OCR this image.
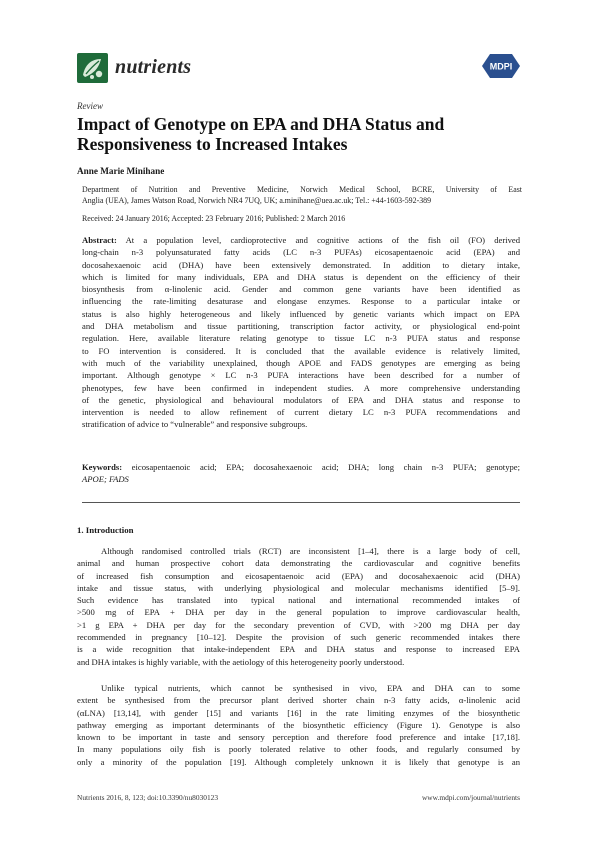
nutrients	MDPI
Review
Impact of Genotype on EPA and DHA Status and Responsiveness to Increased Intakes
Anne Marie Minihane
Department of Nutrition and Preventive Medicine, Norwich Medical School, BCRE, University of East
Anglia (UEA), James Watson Road, Norwich NR4 7UQ, UK; a.minihane@uea.ac.uk; Tel.: +44-1603-592-389
Received: 24 January 2016; Accepted: 23 February 2016; Published: 2 March 2016
Abstract: At a population level, cardioprotective and cognitive actions of the fish oil (FO) derived
long-chain n-3 polyunsaturated fatty acids (LC n-3 PUFAs) eicosapentaenoic acid (EPA) and
docosahexaenoic acid (DHA) have been extensively demonstrated. In addition to dietary intake,
which is limited for many individuals, EPA and DHA status is dependent on the efficiency of their
biosynthesis from α-linolenic acid. Gender and common gene variants have been identified as
influencing the rate-limiting desaturase and elongase enzymes. Response to a particular intake or
status is also highly heterogeneous and likely influenced by genetic variants which impact on EPA
and DHA metabolism and tissue partitioning, transcription factor activity, or physiological end-point
regulation. Here, available literature relating genotype to tissue LC n-3 PUFA status and response
to FO intervention is considered. It is concluded that the available evidence is relatively limited,
with much of the variability unexplained, though APOE and FADS genotypes are emerging as being
important. Although genotype × LC n-3 PUFA interactions have been described for a number of
phenotypes, few have been confirmed in independent studies. A more comprehensive understanding
of the genetic, physiological and behavioural modulators of EPA and DHA status and response to
intervention is needed to allow refinement of current dietary LC n-3 PUFA recommendations and
stratification of advice to “vulnerable” and responsive subgroups.
Keywords: eicosapentaenoic acid; EPA; docosahexaenoic acid; DHA; long chain n-3 PUFA; genotype;
APOE; FADS
1. Introduction
Although randomised controlled trials (RCT) are inconsistent [1–4], there is a large body of cell,
animal and human prospective cohort data demonstrating the cardiovascular and cognitive benefits
of increased fish consumption and eicosapentaenoic acid (EPA) and docosahexaenoic acid (DHA)
intake and tissue status, with underlying physiological and molecular mechanisms identified [5–9].
Such evidence has translated into typical national and international recommended intakes of
>500 mg of EPA + DHA per day in the general population to improve cardiovascular health,
>1 g EPA + DHA per day for the secondary prevention of CVD, with >200 mg DHA per day
recommended in pregnancy [10–12]. Despite the provision of such generic recommended intakes there
is a wide recognition that intake-independent EPA and DHA status and response to increased EPA
and DHA intakes is highly variable, with the aetiology of this heterogeneity poorly understood.
Unlike typical nutrients, which cannot be synthesised in vivo, EPA and DHA can to some
extent be synthesised from the precursor plant derived shorter chain n-3 fatty acids, α-linolenic acid
(αLNA) [13,14], with gender [15] and variants [16] in the rate limiting enzymes of the biosynthetic
pathway emerging as important determinants of the biosynthetic efficiency (Figure 1). Genotype is also
known to be important in taste and sensory perception and therefore food preference and intake [17,18].
In many populations oily fish is poorly tolerated relative to other foods, and regularly consumed by
only a minority of the population [19]. Although completely unknown it is likely that genotype is an
Nutrients 2016, 8, 123; doi:10.3390/nu8030123	www.mdpi.com/journal/nutrients
